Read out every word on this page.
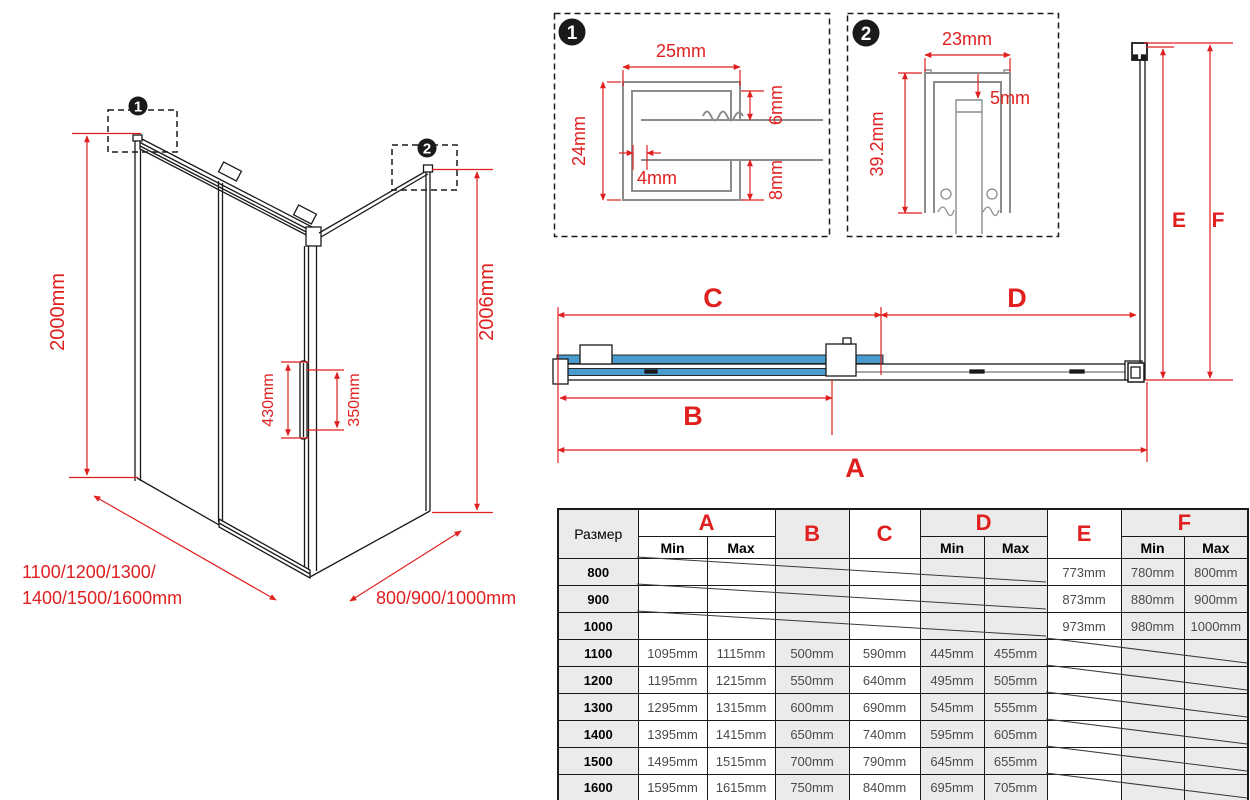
2000mm	2006mm
430mm	350mm
1100/1200/1300/
1400/1500/1600mm	800/900/1000mm
1
2
1
25mm
24mm
4mm
6mm
8mm
2	23mm
5mm
39.2mm
C	D
B
A
E F
Размер	A		B	C	D		E	F	
	Min	Max			Min	Max		Min	Max
800							773mm	780mm	800mm
900							873mm	880mm	900mm
1000							973mm	980mm	1000mm
1100	1095mm	1115mm	500mm	590mm	445mm	455mm			
1200	1195mm	1215mm	550mm	640mm	495mm	505mm			
1300	1295mm	1315mm	600mm	690mm	545mm	555mm			
1400	1395mm	1415mm	650mm	740mm	595mm	605mm			
1500	1495mm	1515mm	700mm	790mm	645mm	655mm			
1600	1595mm	1615mm	750mm	840mm	695mm	705mm			
